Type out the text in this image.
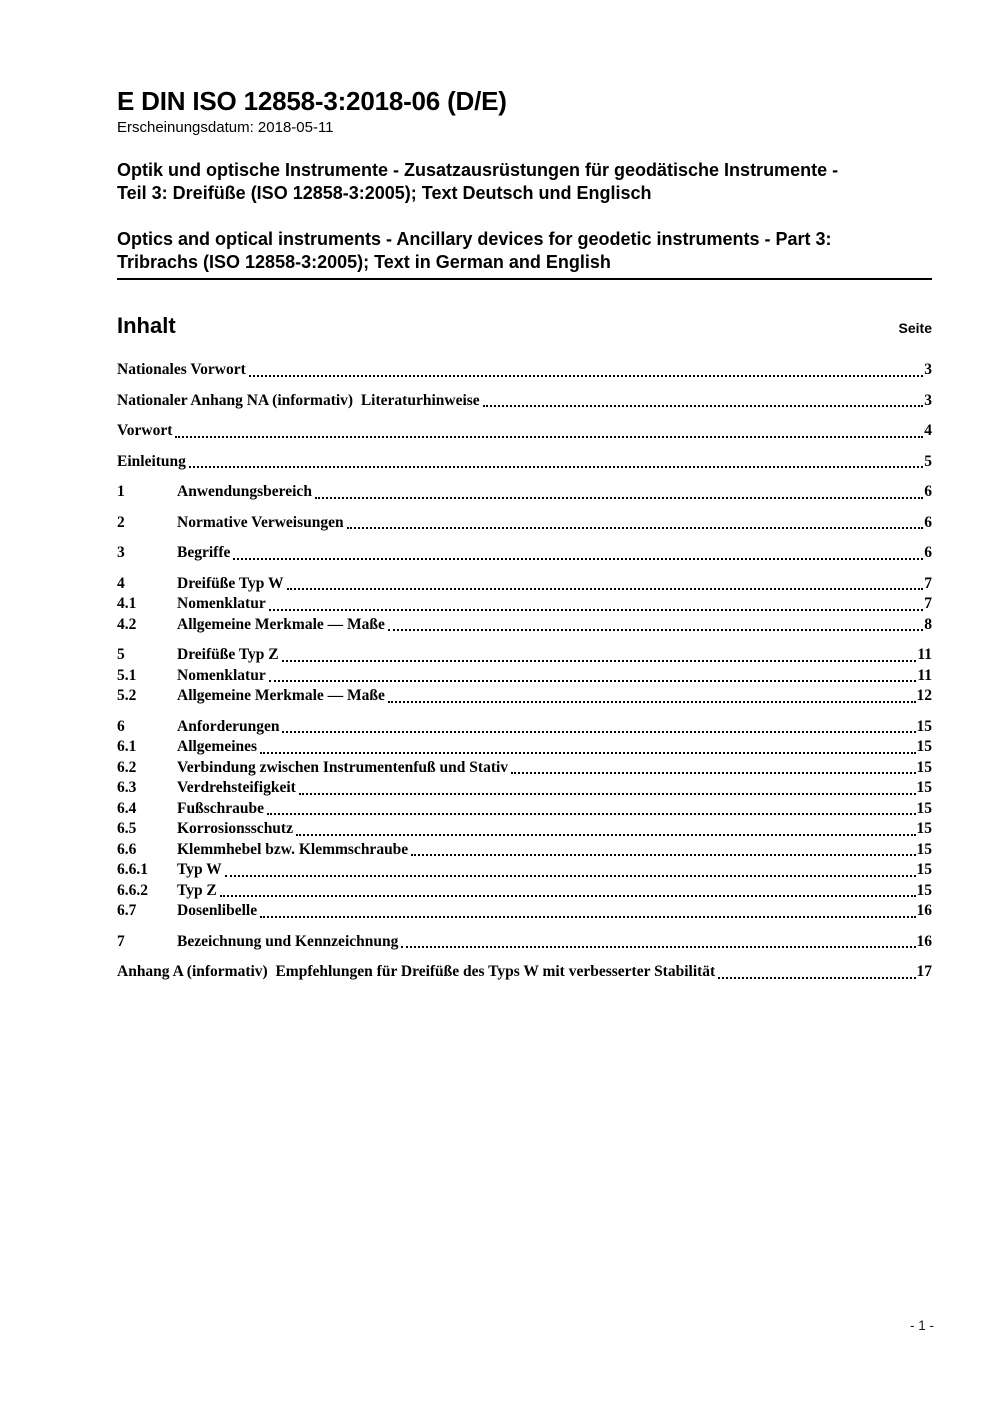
E DIN ISO 12858-3:2018-06 (D/E)
Erscheinungsdatum: 2018-05-11
Optik und optische Instrumente - Zusatzausrüstungen für geodätische Instrumente -
Teil 3: Dreifüße (ISO 12858-3:2005); Text Deutsch und Englisch
Optics and optical instruments - Ancillary devices for geodetic instruments - Part 3:
Tribrachs (ISO 12858-3:2005); Text in German and English
Inhalt	Seite
Nationales Vorwort	3
Nationaler Anhang NA (informativ)  Literaturhinweise	3
Vorwort	4
Einleitung	5
1	Anwendungsbereich	6
2	Normative Verweisungen	6
3	Begriffe	6
4	Dreifüße Typ W	7
4.1	Nomenklatur	7
4.2	Allgemeine Merkmale — Maße	8
5	Dreifüße Typ Z	11
5.1	Nomenklatur	11
5.2	Allgemeine Merkmale — Maße	12
6	Anforderungen	15
6.1	Allgemeines	15
6.2	Verbindung zwischen Instrumentenfuß und Stativ	15
6.3	Verdrehsteifigkeit	15
6.4	Fußschraube	15
6.5	Korrosionsschutz	15
6.6	Klemmhebel bzw. Klemmschraube	15
6.6.1	Typ W	15
6.6.2	Typ Z	15
6.7	Dosenlibelle	16
7	Bezeichnung und Kennzeichnung	16
Anhang A (informativ)  Empfehlungen für Dreifüße des Typs W mit verbesserter Stabilität	17
- 1 -
